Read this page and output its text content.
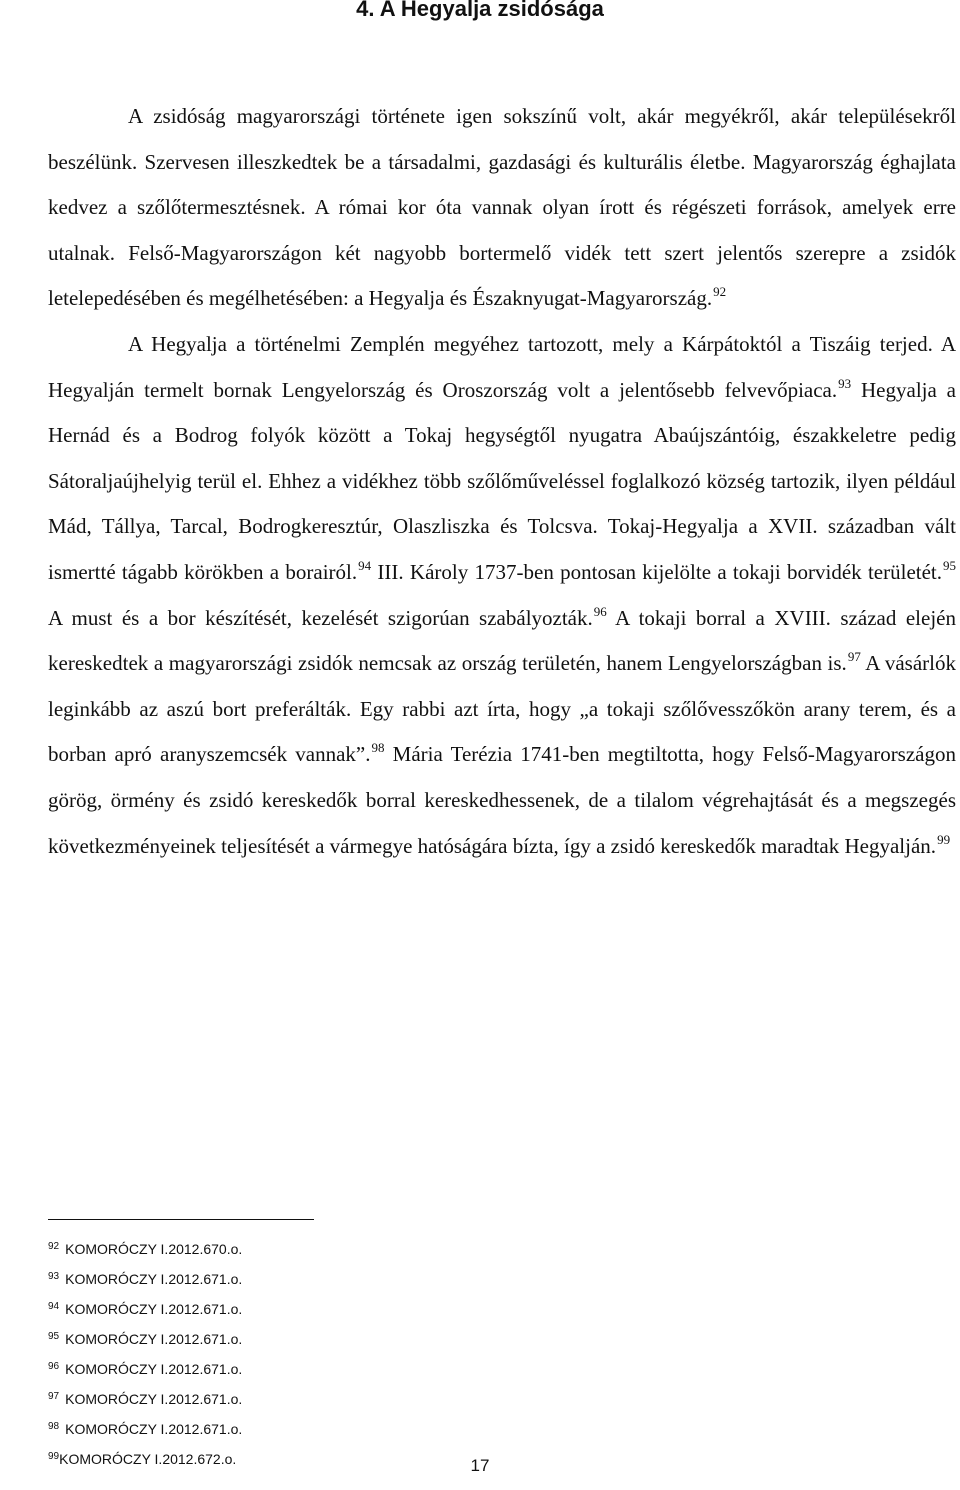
4. A Hegyalja zsidósága

A zsidóság magyarországi története igen sokszínű volt, akár megyékről, akár településekről beszélünk. Szervesen illeszkedtek be a társadalmi, gazdasági és kulturális életbe. Magyarország éghajlata kedvez a szőlőtermesztésnek. A római kor óta vannak olyan írott és régészeti források, amelyek erre utalnak. Felső-Magyarországon két nagyobb bortermelő vidék tett szert jelentős szerepre a zsidók letelepedésében és megélhetésében: a Hegyalja és Északnyugat-Magyarország.$^{92}$

A Hegyalja a történelmi Zemplén megyéhez tartozott, mely a Kárpátoktól a Tiszáig terjed. A Hegyalján termelt bornak Lengyelország és Oroszország volt a jelentősebb felvevőpiaca.$^{93}$ Hegyalja a Hernád és a Bodrog folyók között a Tokaj hegységtől nyugatra Abaújszántóig, északkeletre pedig Sátoraljaújhelyig terül el. Ehhez a vidékhez több szőlőműveléssel foglalkozó község tartozik, ilyen például Mád, Tállya, Tarcal, Bodrogkeresztúr, Olaszliszka és Tolcsva. Tokaj-Hegyalja a XVII. században vált ismertté tágabb körökben a borairól.$^{94}$ III. Károly 1737-ben pontosan kijelölte a tokaji borvidék területét.$^{95}$ A must és a bor készítését, kezelését szigorúan szabályozták.$^{96}$ A tokaji borral a XVIII. század elején kereskedtek a magyarországi zsidók nemcsak az ország területén, hanem Lengyelországban is.$^{97}$ A vásárlók leginkább az aszú bort preferálták. Egy rabbi azt írta, hogy „a tokaji szőlővesszőkön arany terem, és a borban apró aranyszemcsék vannak”.$^{98}$ Mária Terézia 1741-ben megtiltotta, hogy Felső-Magyarországon görög, örmény és zsidó kereskedők borral kereskedhessenek, de a tilalom végrehajtását és a megszegés következményeinek teljesítését a vármegye hatóságára bízta, így a zsidó kereskedők maradtak Hegyalján.$^{99}$

$^{92}$ KOMORÓCZY I.2012.670.o.
$^{93}$ KOMORÓCZY I.2012.671.o.
$^{94}$ KOMORÓCZY I.2012.671.o.
$^{95}$ KOMORÓCZY I.2012.671.o.
$^{96}$ KOMORÓCZY I.2012.671.o.
$^{97}$ KOMORÓCZY I.2012.671.o.
$^{98}$ KOMORÓCZY I.2012.671.o.
$^{99}$KOMORÓCZY I.2012.672.o.	17
